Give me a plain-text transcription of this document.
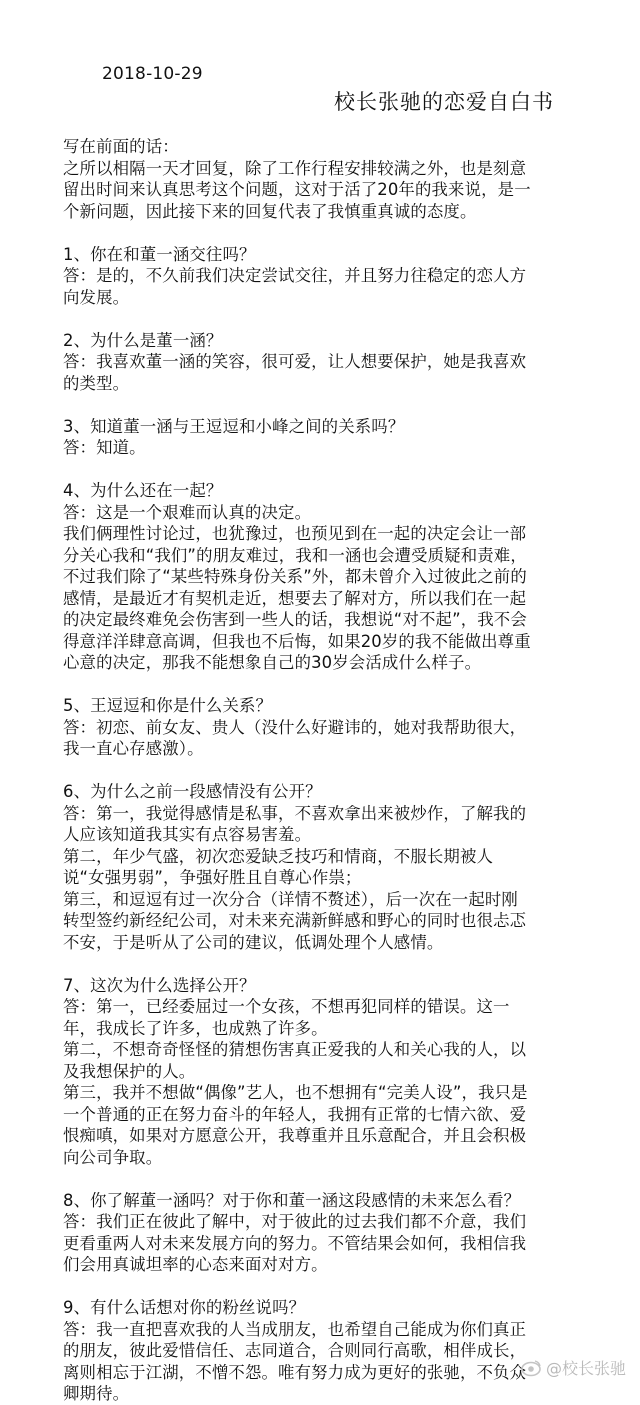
2018-10-29
校长张驰的恋爱自白书
写在前面的话：
之所以相隔一天才回复，除了工作行程安排较满之外，也是刻意
留出时间来认真思考这个问题，这对于活了20年的我来说，是一
个新问题，因此接下来的回复代表了我慎重真诚的态度。
1、你在和董一涵交往吗？
答：是的，不久前我们决定尝试交往，并且努力往稳定的恋人方
向发展。
2、为什么是董一涵？
答：我喜欢董一涵的笑容，很可爱，让人想要保护，她是我喜欢
的类型。
3、知道董一涵与王逗逗和小峰之间的关系吗？
答：知道。
4、为什么还在一起？
答：这是一个艰难而认真的决定。
我们俩理性讨论过，也犹豫过，也预见到在一起的决定会让一部
分关心我和“我们”的朋友难过，我和一涵也会遭受质疑和责难，
不过我们除了“某些特殊身份关系”外，都未曾介入过彼此之前的
感情，是最近才有契机走近，想要去了解对方，所以我们在一起
的决定最终难免会伤害到一些人的话，我想说“对不起”，我不会
得意洋洋肆意高调，但我也不后悔，如果20岁的我不能做出尊重
心意的决定，那我不能想象自己的30岁会活成什么样子。
5、王逗逗和你是什么关系？
答：初恋、前女友、贵人（没什么好避讳的，她对我帮助很大，
我一直心存感激）。
6、为什么之前一段感情没有公开？
答：第一，我觉得感情是私事，不喜欢拿出来被炒作，了解我的
人应该知道我其实有点容易害羞。
第二，年少气盛，初次恋爱缺乏技巧和情商，不服长期被人
说“女强男弱”，争强好胜且自尊心作祟；
第三，和逗逗有过一次分合（详情不赘述），后一次在一起时刚
转型签约新经纪公司，对未来充满新鲜感和野心的同时也很忐忑
不安，于是听从了公司的建议，低调处理个人感情。
7、这次为什么选择公开？
答：第一，已经委屈过一个女孩，不想再犯同样的错误。这一
年，我成长了许多，也成熟了许多。
第二，不想奇奇怪怪的猜想伤害真正爱我的人和关心我的人，以
及我想保护的人。
第三，我并不想做“偶像”艺人，也不想拥有“完美人设”，我只是
一个普通的正在努力奋斗的年轻人，我拥有正常的七情六欲、爱
恨痴嗔，如果对方愿意公开，我尊重并且乐意配合，并且会积极
向公司争取。
8、你了解董一涵吗？对于你和董一涵这段感情的未来怎么看？
答：我们正在彼此了解中，对于彼此的过去我们都不介意，我们
更看重两人对未来发展方向的努力。不管结果会如何，我相信我
们会用真诚坦率的心态来面对对方。
9、有什么话想对你的粉丝说吗？
答：我一直把喜欢我的人当成朋友，也希望自己能成为你们真正
的朋友，彼此爱惜信任、志同道合，合则同行高歌，相伴成长，
离则相忘于江湖，不憎不怨。唯有努力成为更好的张驰，不负众
卿期待。
@校长张驰
